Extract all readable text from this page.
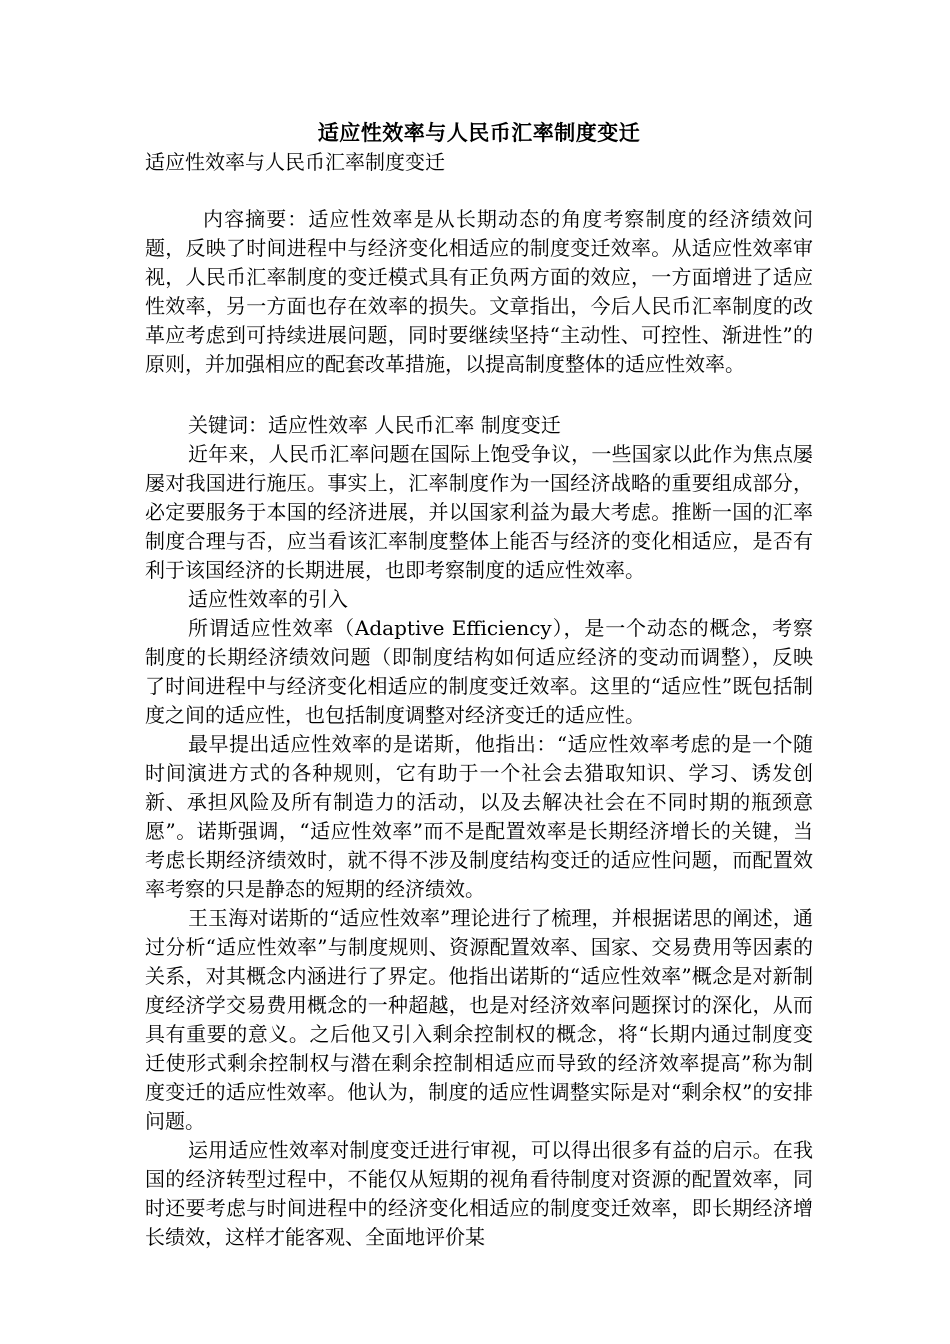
适应性效率与人民币汇率制度变迁

适应性效率与人民币汇率制度变迁

内容摘要：适应性效率是从长期动态的角度考察制度的经济绩效问题，反映了时间进程中与经济变化相适应的制度变迁效率。从适应性效率审视，人民币汇率制度的变迁模式具有正负两方面的效应，一方面增进了适应性效率，另一方面也存在效率的损失。文章指出，今后人民币汇率制度的改革应考虑到可持续进展问题，同时要继续坚持“主动性、可控性、渐进性”的原则，并加强相应的配套改革措施，以提高制度整体的适应性效率。

关键词：适应性效率 人民币汇率 制度变迁

近年来，人民币汇率问题在国际上饱受争议，一些国家以此作为焦点屡屡对我国进行施压。事实上，汇率制度作为一国经济战略的重要组成部分，必定要服务于本国的经济进展，并以国家利益为最大考虑。推断一国的汇率制度合理与否，应当看该汇率制度整体上能否与经济的变化相适应，是否有利于该国经济的长期进展，也即考察制度的适应性效率。

适应性效率的引入

所谓适应性效率（Adaptive Efficiency），是一个动态的概念，考察制度的长期经济绩效问题（即制度结构如何适应经济的变动而调整），反映了时间进程中与经济变化相适应的制度变迁效率。这里的“适应性”既包括制度之间的适应性，也包括制度调整对经济变迁的适应性。

最早提出适应性效率的是诺斯，他指出：“适应性效率考虑的是一个随时间演进方式的各种规则，它有助于一个社会去猎取知识、学习、诱发创新、承担风险及所有制造力的活动，以及去解决社会在不同时期的瓶颈意愿”。诺斯强调，“适应性效率”而不是配置效率是长期经济增长的关键，当考虑长期经济绩效时，就不得不涉及制度结构变迁的适应性问题，而配置效率考察的只是静态的短期的经济绩效。

王玉海对诺斯的“适应性效率”理论进行了梳理，并根据诺思的阐述，通过分析“适应性效率”与制度规则、资源配置效率、国家、交易费用等因素的关系，对其概念内涵进行了界定。他指出诺斯的“适应性效率”概念是对新制度经济学交易费用概念的一种超越，也是对经济效率问题探讨的深化，从而具有重要的意义。之后他又引入剩余控制权的概念，将“长期内通过制度变迁使形式剩余控制权与潜在剩余控制相适应而导致的经济效率提高”称为制度变迁的适应性效率。他认为，制度的适应性调整实际是对“剩余权”的安排问题。

运用适应性效率对制度变迁进行审视，可以得出很多有益的启示。在我国的经济转型过程中，不能仅从短期的视角看待制度对资源的配置效率，同时还要考虑与时间进程中的经济变化相适应的制度变迁效率，即长期经济增长绩效，这样才能客观、全面地评价某
